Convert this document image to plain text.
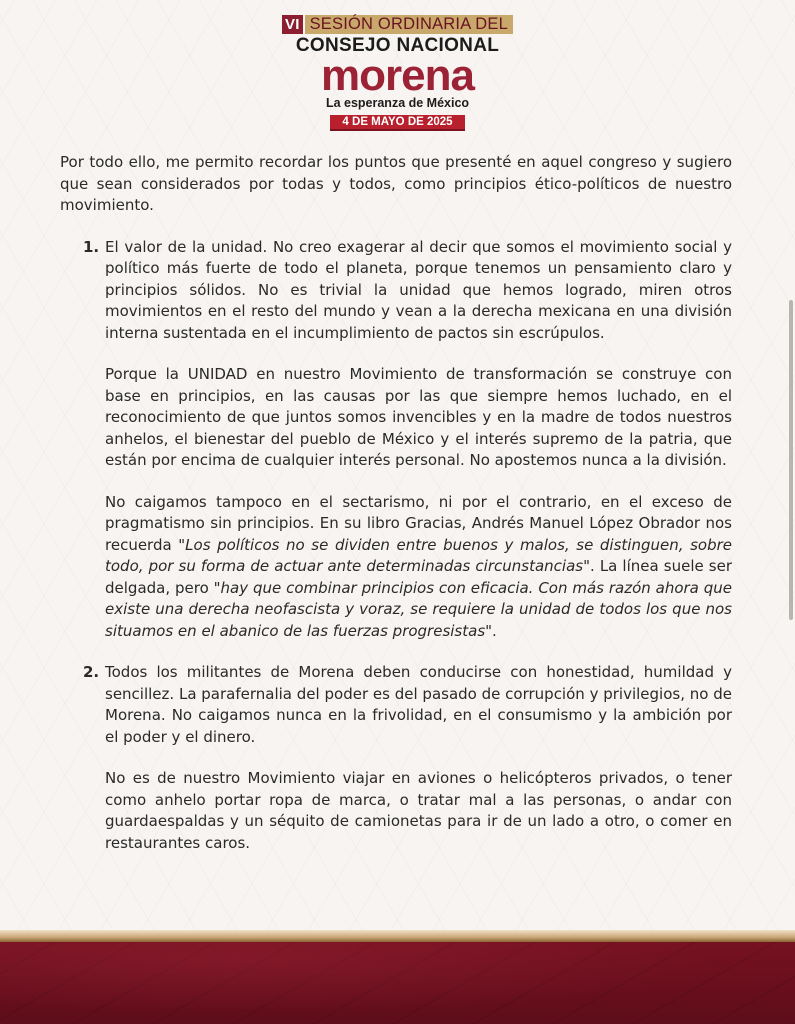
VI SESIÓN ORDINARIA DEL
CONSEJO NACIONAL
morena
La esperanza de México
4 DE MAYO DE 2025

Por todo ello, me permito recordar los puntos que presenté en aquel congreso y sugiero que sean considerados por todas y todos, como principios ético-políticos de nuestro movimiento.

1. El valor de la unidad. No creo exagerar al decir que somos el movimiento social y político más fuerte de todo el planeta, porque tenemos un pensamiento claro y principios sólidos. No es trivial la unidad que hemos logrado, miren otros movimientos en el resto del mundo y vean a la derecha mexicana en una división interna sustentada en el incumplimiento de pactos sin escrúpulos.

Porque la UNIDAD en nuestro Movimiento de transformación se construye con base en principios, en las causas por las que siempre hemos luchado, en el reconocimiento de que juntos somos invencibles y en la madre de todos nuestros anhelos, el bienestar del pueblo de México y el interés supremo de la patria, que están por encima de cualquier interés personal. No apostemos nunca a la división.

No caigamos tampoco en el sectarismo, ni por el contrario, en el exceso de pragmatismo sin principios. En su libro Gracias, Andrés Manuel López Obrador nos recuerda "Los políticos no se dividen entre buenos y malos, se distinguen, sobre todo, por su forma de actuar ante determinadas circunstancias". La línea suele ser delgada, pero "hay que combinar principios con eficacia. Con más razón ahora que existe una derecha neofascista y voraz, se requiere la unidad de todos los que nos situamos en el abanico de las fuerzas progresistas".

2. Todos los militantes de Morena deben conducirse con honestidad, humildad y sencillez. La parafernalia del poder es del pasado de corrupción y privilegios, no de Morena. No caigamos nunca en la frivolidad, en el consumismo y la ambición por el poder y el dinero.

No es de nuestro Movimiento viajar en aviones o helicópteros privados, o tener como anhelo portar ropa de marca, o tratar mal a las personas, o andar con guardaespaldas y un séquito de camionetas para ir de un lado a otro, o comer en restaurantes caros.
